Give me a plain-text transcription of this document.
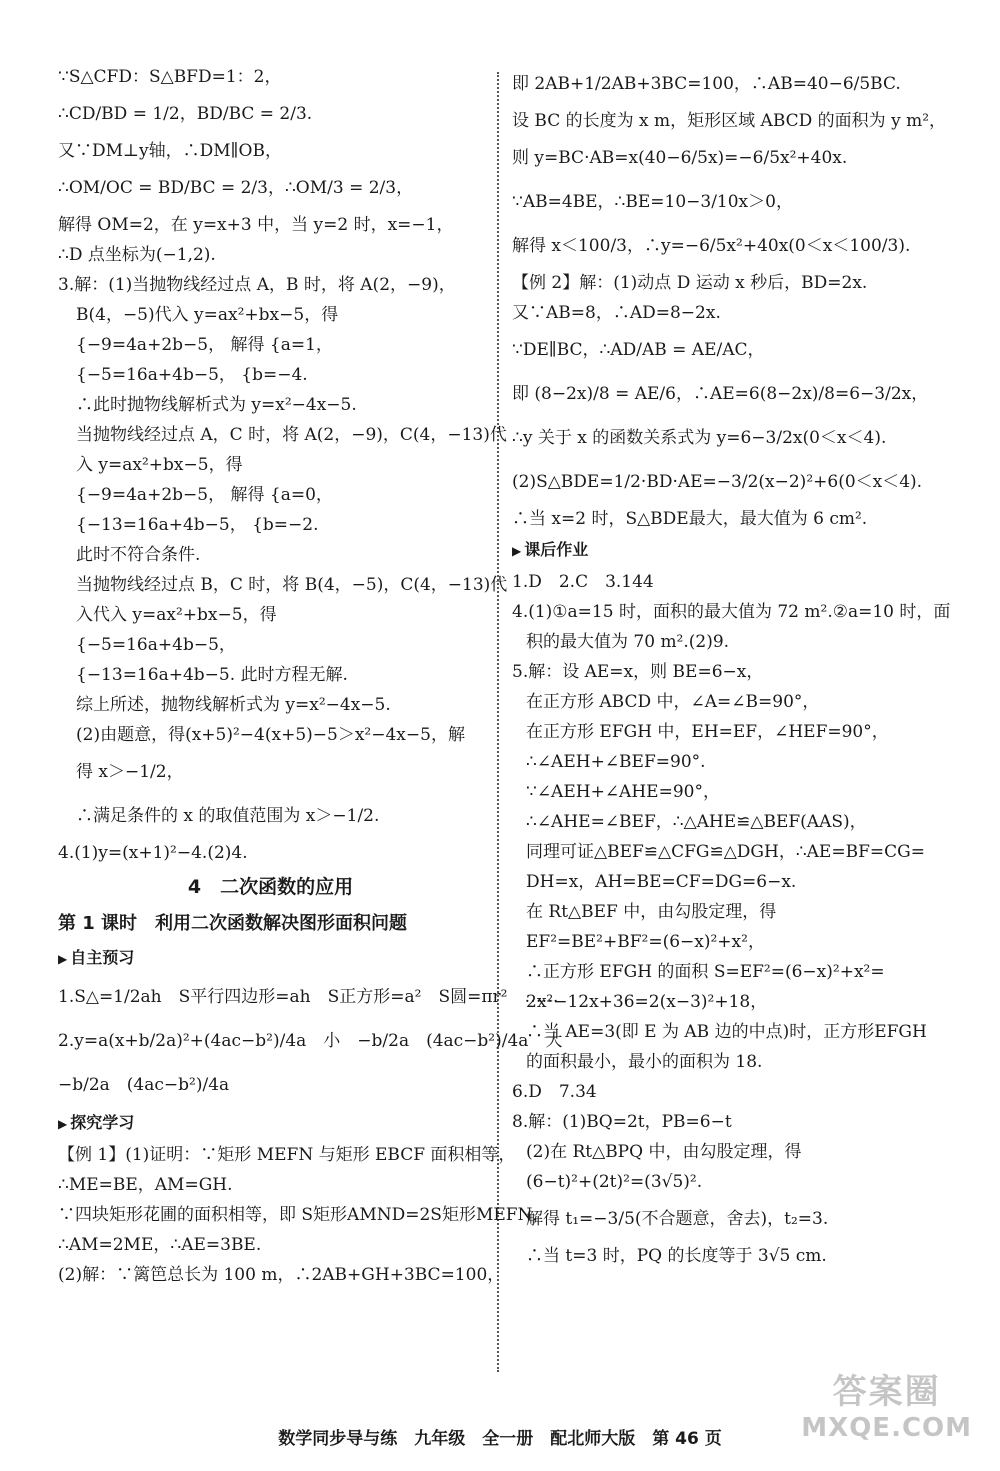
∵S△CFD：S△BFD=1：2，
∴CD/BD = 1/2，BD/BC = 2/3.
又∵DM⊥y轴，∴DM∥OB，
∴OM/OC = BD/BC = 2/3，∴OM/3 = 2/3，
解得 OM=2，在 y=x+3 中，当 y=2 时，x=−1，
∴D 点坐标为(−1,2).
3.解：(1)当抛物线经过点 A，B 时，将 A(2，−9)，
B(4，−5)代入 y=ax²+bx−5，得
{−9=4a+2b−5， 解得 {a=1，
{−5=16a+4b−5， {b=−4.
∴此时抛物线解析式为 y=x²−4x−5.
当抛物线经过点 A，C 时，将 A(2，−9)，C(4，−13)代
入 y=ax²+bx−5，得
{−9=4a+2b−5， 解得 {a=0，
{−13=16a+4b−5， {b=−2.
此时不符合条件.
当抛物线经过点 B，C 时，将 B(4，−5)，C(4，−13)代
入代入 y=ax²+bx−5，得
{−5=16a+4b−5，
{−13=16a+4b−5. 此时方程无解.
综上所述，抛物线解析式为 y=x²−4x−5.
(2)由题意，得(x+5)²−4(x+5)−5＞x²−4x−5，解
得 x＞−1/2，
∴满足条件的 x 的取值范围为 x＞−1/2.
4.(1)y=(x+1)²−4.(2)4.
4　二次函数的应用
第 1 课时　利用二次函数解决图形面积问题
▶ 自主预习
1.S△=1/2ah　S平行四边形=ah　S正方形=a²　S圆=πr²　……
2.y=a(x+b/2a)²+(4ac−b²)/4a　小　−b/2a　(4ac−b²)/4a　大
−b/2a　(4ac−b²)/4a
▶ 探究学习
【例 1】(1)证明：∵矩形 MEFN 与矩形 EBCF 面积相等，
∴ME=BE，AM=GH.
∵四块矩形花圃的面积相等，即 S矩形AMND=2S矩形MEFN，
∴AM=2ME，∴AE=3BE.
(2)解：∵篱笆总长为 100 m，∴2AB+GH+3BC=100，
即 2AB+1/2AB+3BC=100，∴AB=40−6/5BC.
设 BC 的长度为 x m，矩形区域 ABCD 的面积为 y m²，
则 y=BC·AB=x(40−6/5x)=−6/5x²+40x.
∵AB=4BE，∴BE=10−3/10x＞0，
解得 x＜100/3，∴y=−6/5x²+40x(0＜x＜100/3).
【例 2】解：(1)动点 D 运动 x 秒后，BD=2x.
又∵AB=8，∴AD=8−2x.
∵DE∥BC，∴AD/AB = AE/AC，
即 (8−2x)/8 = AE/6，∴AE=6(8−2x)/8=6−3/2x，
∴y 关于 x 的函数关系式为 y=6−3/2x(0＜x＜4).
(2)S△BDE=1/2·BD·AE=−3/2(x−2)²+6(0＜x＜4).
∴当 x=2 时，S△BDE最大，最大值为 6 cm².
▶ 课后作业
1.D　2.C　3.144
4.(1)①a=15 时，面积的最大值为 72 m².②a=10 时，面
积的最大值为 70 m².(2)9.
5.解：设 AE=x，则 BE=6−x，
在正方形 ABCD 中，∠A=∠B=90°，
在正方形 EFGH 中，EH=EF，∠HEF=90°，
∴∠AEH+∠BEF=90°.
∵∠AEH+∠AHE=90°，
∴∠AHE=∠BEF，∴△AHE≌△BEF(AAS)，
同理可证△BEF≌△CFG≌△DGH，∴AE=BF=CG=
DH=x，AH=BE=CF=DG=6−x.
在 Rt△BEF 中，由勾股定理，得
EF²=BE²+BF²=(6−x)²+x²，
∴正方形 EFGH 的面积 S=EF²=(6−x)²+x²=
2x²−12x+36=2(x−3)²+18，
∴当 AE=3(即 E 为 AB 边的中点)时，正方形EFGH
的面积最小，最小的面积为 18.
6.D　7.34
8.解：(1)BQ=2t，PB=6−t
(2)在 Rt△BPQ 中，由勾股定理，得
(6−t)²+(2t)²=(3√5)².
解得 t₁=−3/5(不合题意，舍去)，t₂=3.
∴当 t=3 时，PQ 的长度等于 3√5 cm.
数学同步导与练　九年级　全一册　配北师大版　第 46 页
答案圈
MXQE.COM
